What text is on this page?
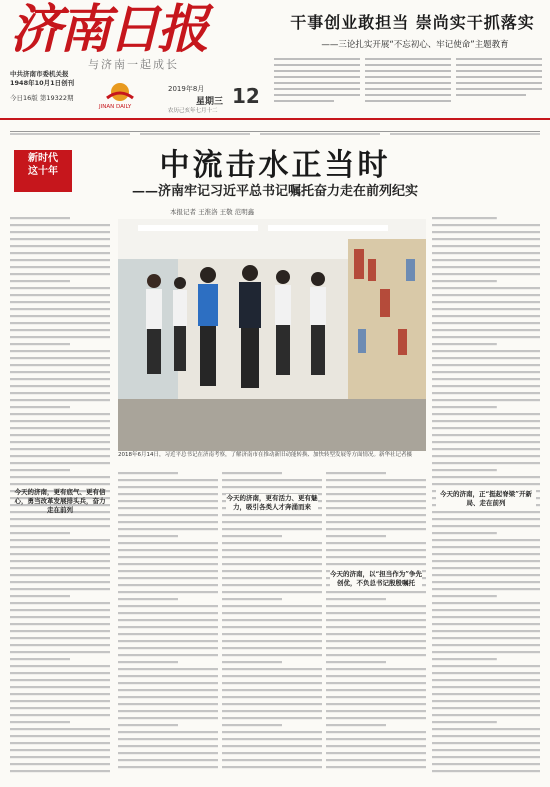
济南日报
与济南一起成长
中共济南市委机关报
1948年10月1日创刊
今日16版 第19322期
JINAN DAILY
2019年8月
星期三 12
农历己亥年七月十二
干事创业敢担当 崇尚实干抓落实
——三论扎实开展“不忘初心、牢记使命”主题教育
新时代
这十年	中流击水正当时
——济南牢记习近平总书记嘱托奋力走在前列纪实
本报记者 王淮洛 王敬 范明鑫
2018年6月14日，习近平总书记在济南考察，了解济南市在推动新旧动能转换、加快转型发展等方面情况。新华社记者摄
今天的济南，更有底气、更有信心，勇当改革发展排头兵，奋力走在前列
今天的济南，更有活力、更有魅力，吸引各类人才奔涌而来
今天的济南，以“担当作为”争先创优，不负总书记殷殷嘱托
今天的济南，正“挺起脊梁”开新局、走在前列
